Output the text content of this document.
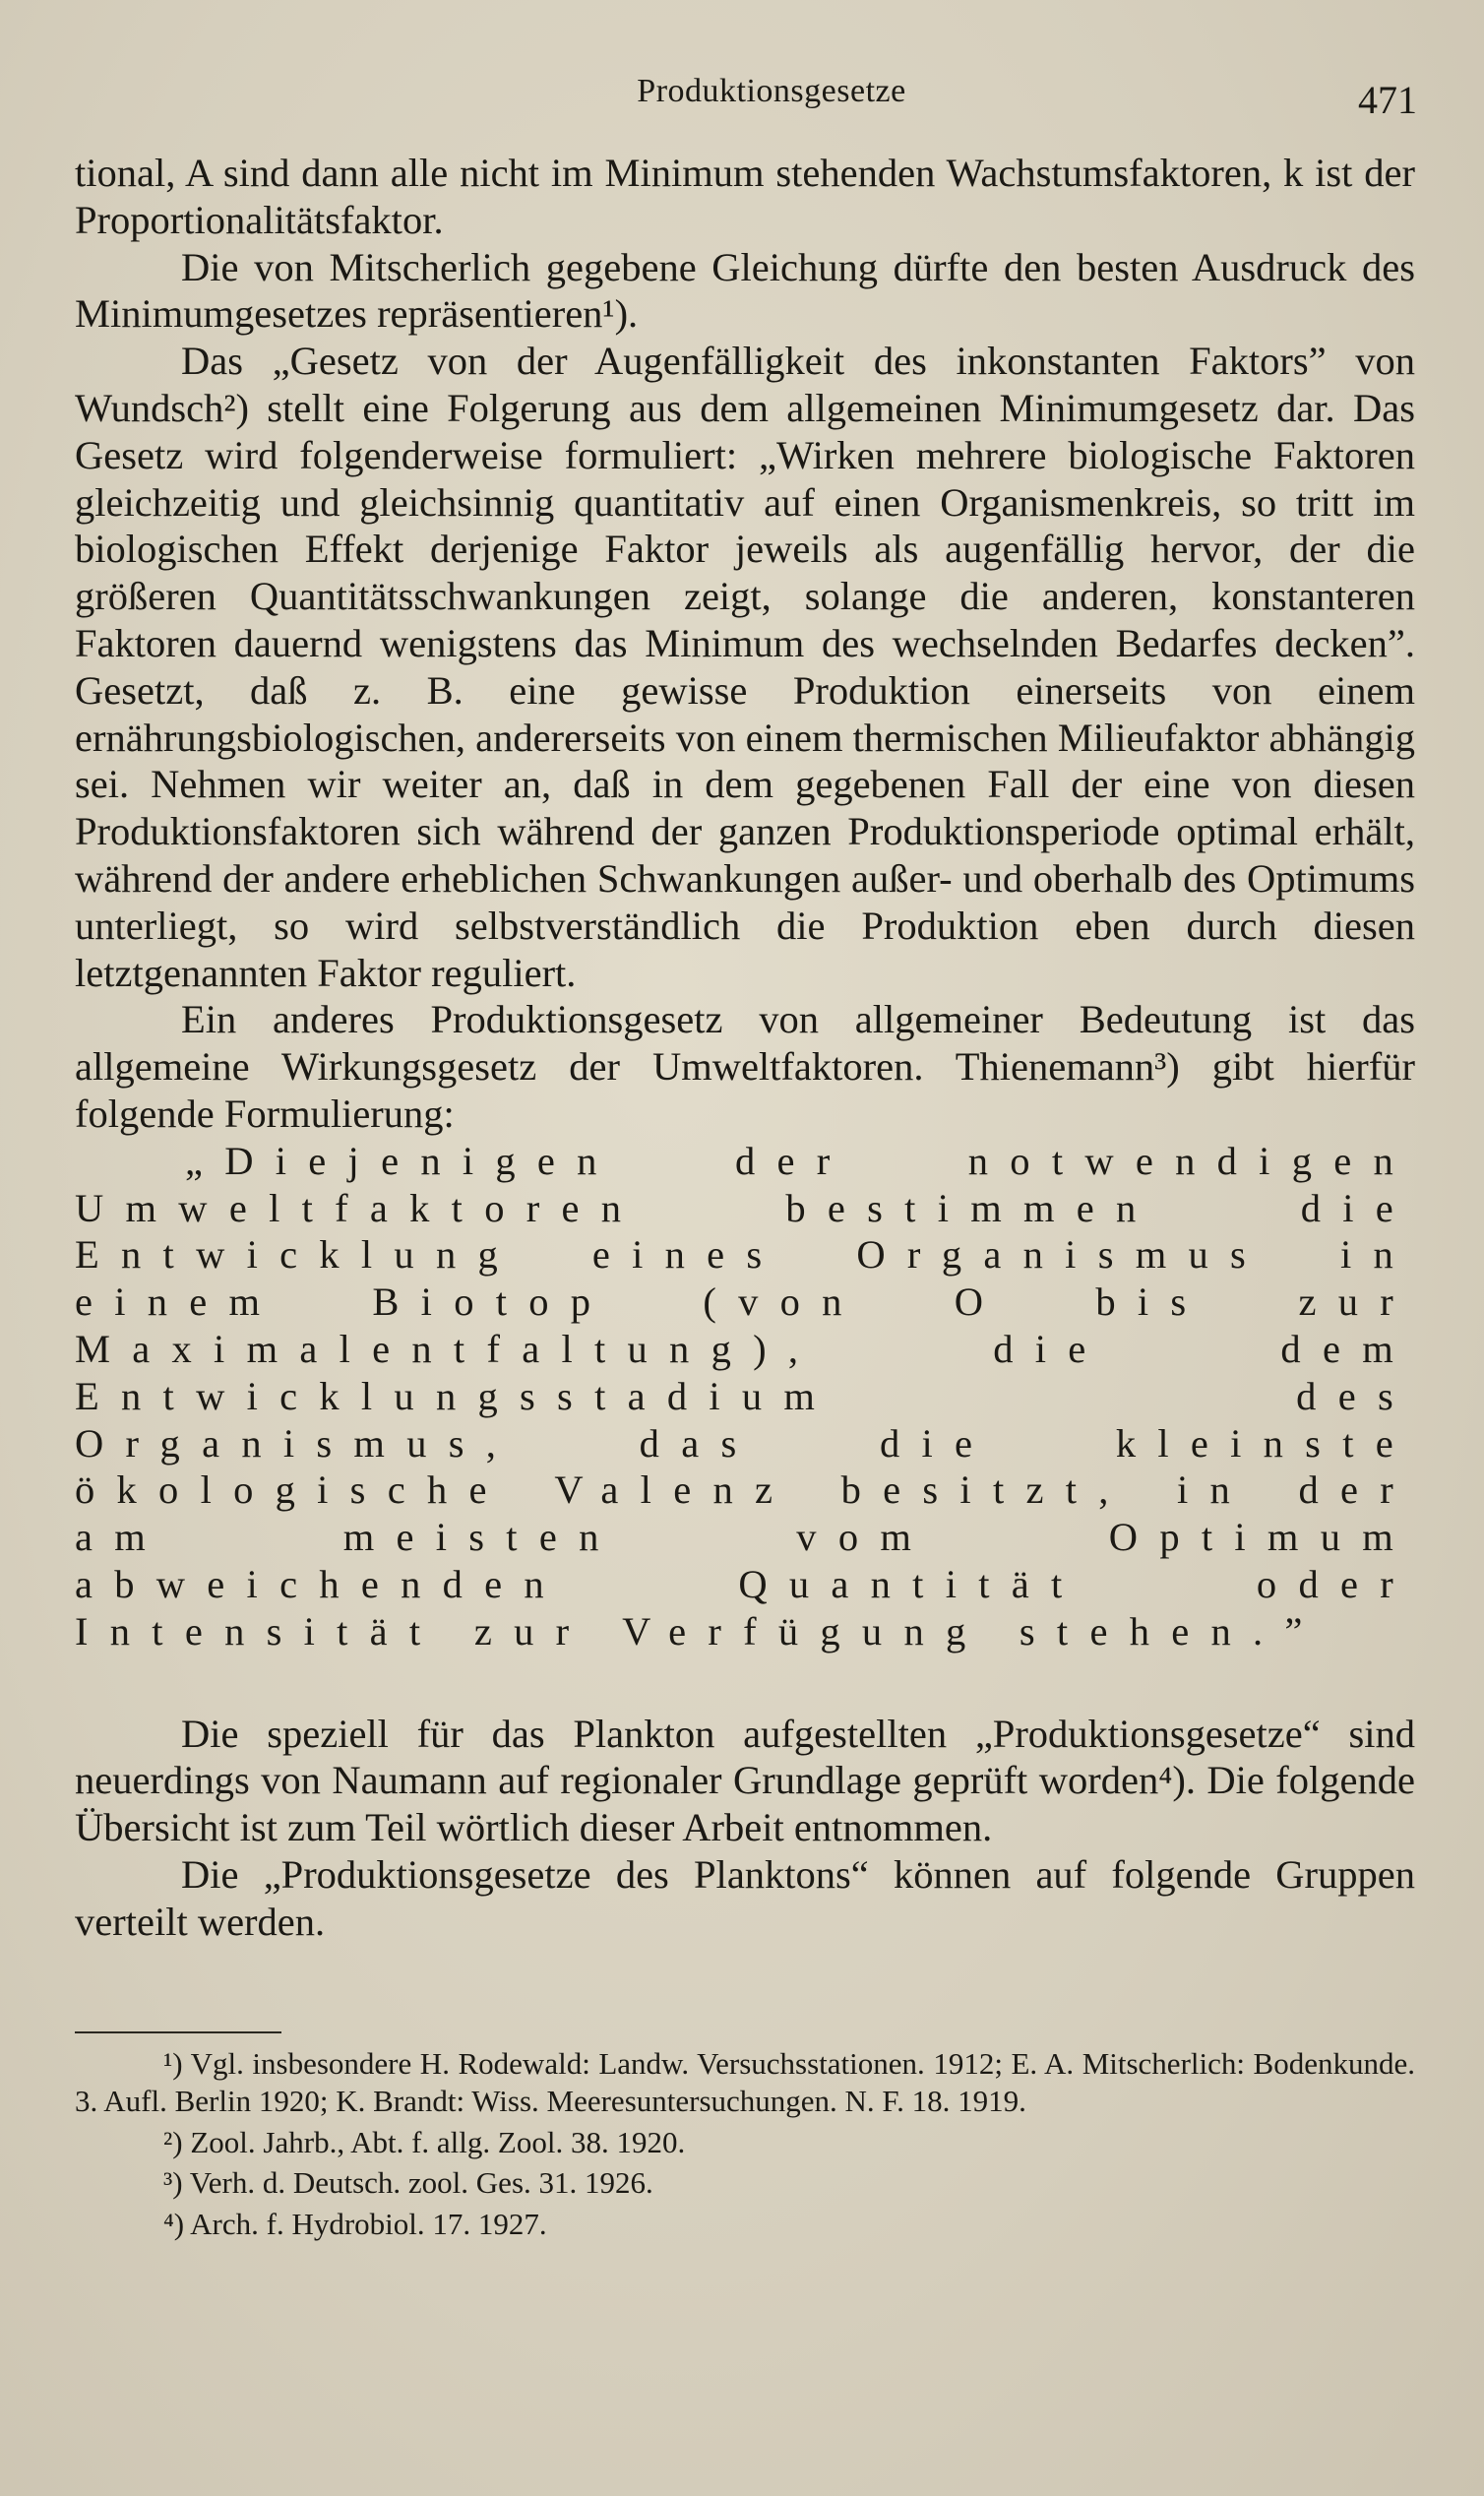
Produktionsgesetze	471

tional, A sind dann alle nicht im Minimum stehenden Wachstumsfaktoren, k ist der Proportionalitätsfaktor.

Die von Mitscherlich gegebene Gleichung dürfte den besten Ausdruck des Minimumgesetzes repräsentieren¹).

Das „Gesetz von der Augenfälligkeit des inkonstanten Faktors” von Wundsch²) stellt eine Folgerung aus dem allgemeinen Minimumgesetz dar. Das Gesetz wird folgenderweise formuliert: „Wirken mehrere biologische Faktoren gleichzeitig und gleichsinnig quantitativ auf einen Organismenkreis, so tritt im biologischen Effekt derjenige Faktor jeweils als augenfällig hervor, der die größeren Quantitätsschwankungen zeigt, solange die anderen, konstanteren Faktoren dauernd wenigstens das Minimum des wechselnden Bedarfes decken”. Gesetzt, daß z. B. eine gewisse Produktion einerseits von einem ernährungsbiologischen, andererseits von einem thermischen Milieufaktor abhängig sei. Nehmen wir weiter an, daß in dem gegebenen Fall der eine von diesen Produktionsfaktoren sich während der ganzen Produktionsperiode optimal erhält, während der andere erheblichen Schwankungen außer- und oberhalb des Optimums unterliegt, so wird selbstverständlich die Produktion eben durch diesen letztgenannten Faktor reguliert.

Ein anderes Produktionsgesetz von allgemeiner Bedeutung ist das allgemeine Wirkungsgesetz der Umweltfaktoren. Thienemann³) gibt hierfür folgende Formulierung:

„Diejenigen der notwendigen Umweltfaktoren bestimmen die Entwicklung eines Organismus in einem Biotop (von O bis zur Maximalentfaltung), die dem Entwicklungsstadium des Organismus, das die kleinste ökologische Valenz besitzt, in der am meisten vom Optimum abweichenden Quantität oder Intensität zur Verfügung stehen.”

Die speziell für das Plankton aufgestellten „Produktionsgesetze“ sind neuerdings von Naumann auf regionaler Grundlage geprüft worden⁴). Die folgende Übersicht ist zum Teil wörtlich dieser Arbeit entnommen.

Die „Produktionsgesetze des Planktons“ können auf folgende Gruppen verteilt werden.

¹) Vgl. insbesondere H. Rodewald: Landw. Versuchsstationen. 1912; E. A. Mitscherlich: Bodenkunde. 3. Aufl. Berlin 1920; K. Brandt: Wiss. Meeresuntersuchungen. N. F. 18. 1919.

²) Zool. Jahrb., Abt. f. allg. Zool. 38. 1920.

³) Verh. d. Deutsch. zool. Ges. 31. 1926.

⁴) Arch. f. Hydrobiol. 17. 1927.
